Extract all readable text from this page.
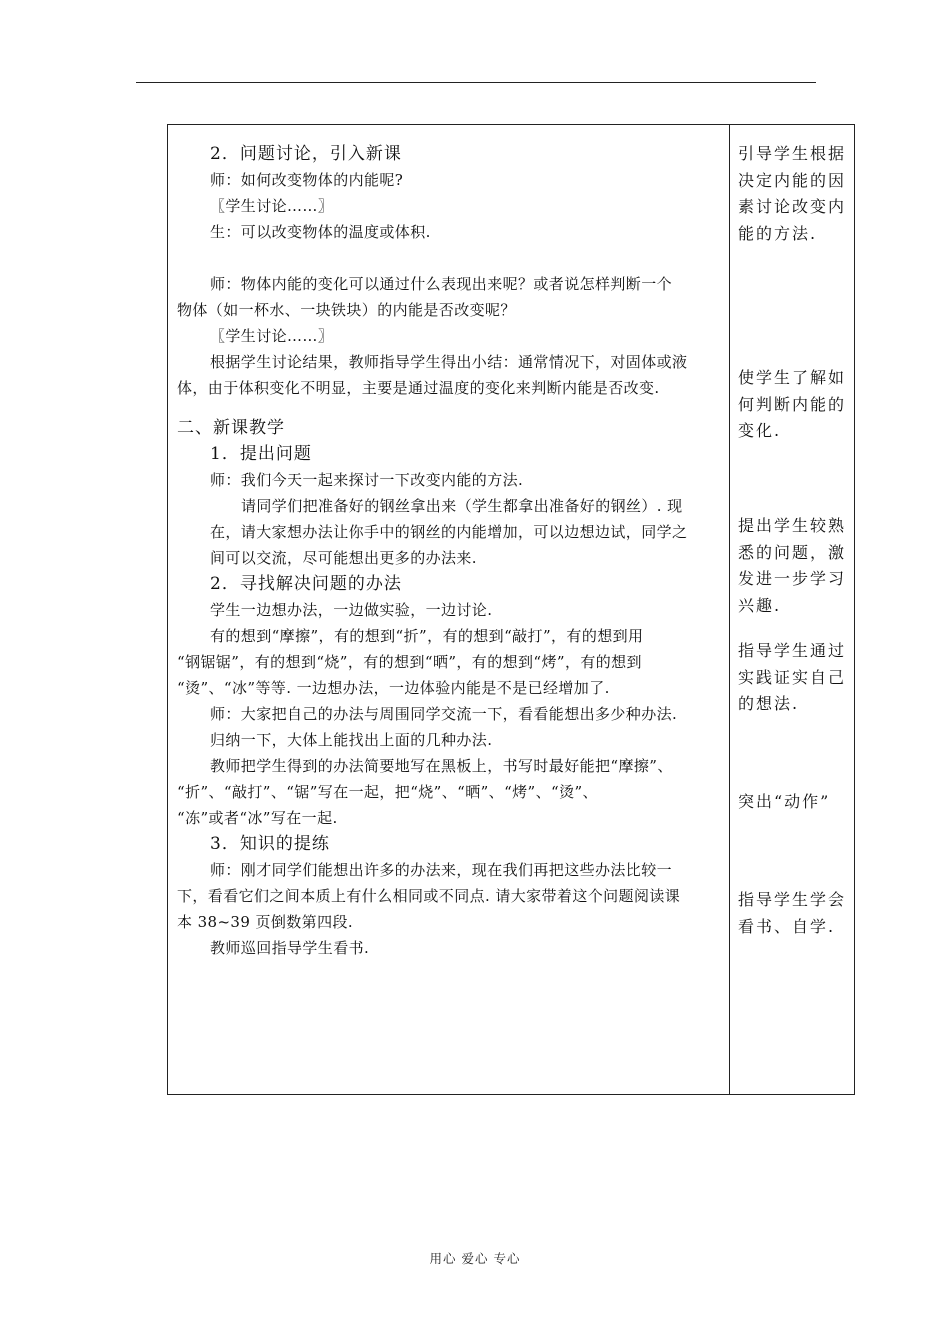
2．问题讨论，引入新课
师：如何改变物体的内能呢?
〖学生讨论……〗
生：可以改变物体的温度或体积.
师：物体内能的变化可以通过什么表现出来呢？或者说怎样判断一个
物体（如一杯水、一块铁块）的内能是否改变呢？
〖学生讨论……〗
根据学生讨论结果，教师指导学生得出小结：通常情况下，对固体或液
体，由于体积变化不明显，主要是通过温度的变化来判断内能是否改变.
二、新课教学
1．提出问题
师：我们今天一起来探讨一下改变内能的方法.
请同学们把准备好的钢丝拿出来（学生都拿出准备好的钢丝）. 现
在，请大家想办法让你手中的钢丝的内能增加，可以边想边试，同学之
间可以交流，尽可能想出更多的办法来.
2．寻找解决问题的办法
学生一边想办法，一边做实验，一边讨论.
有的想到“摩擦”，有的想到“折”，有的想到“敲打”，有的想到用
“钢锯锯”，有的想到“烧”，有的想到“晒”，有的想到“烤”，有的想到
“烫”、“冰”等等. 一边想办法，一边体验内能是不是已经增加了.
师：大家把自己的办法与周围同学交流一下，看看能想出多少种办法.
归纳一下，大体上能找出上面的几种办法.
教师把学生得到的办法简要地写在黑板上，书写时最好能把“摩擦”、
“折”、“敲打”、“锯”写在一起，把“烧”、“晒”、“烤”、“烫”、
“冻”或者“冰”写在一起.
3．知识的提练
师：刚才同学们能想出许多的办法来，现在我们再把这些办法比较一
下，看看它们之间本质上有什么相同或不同点. 请大家带着这个问题阅读课
本 38~39 页倒数第四段.
教师巡回指导学生看书.
引导学生根据
决定内能的因
素讨论改变内
能的方法.
使学生了解如
何判断内能的
变化.
提出学生较熟
悉的问题，激
发进一步学习
兴趣.
指导学生通过
实践证实自己
的想法.
突出“动作”
指导学生学会
看书、自学.
用心 爱心 专心
